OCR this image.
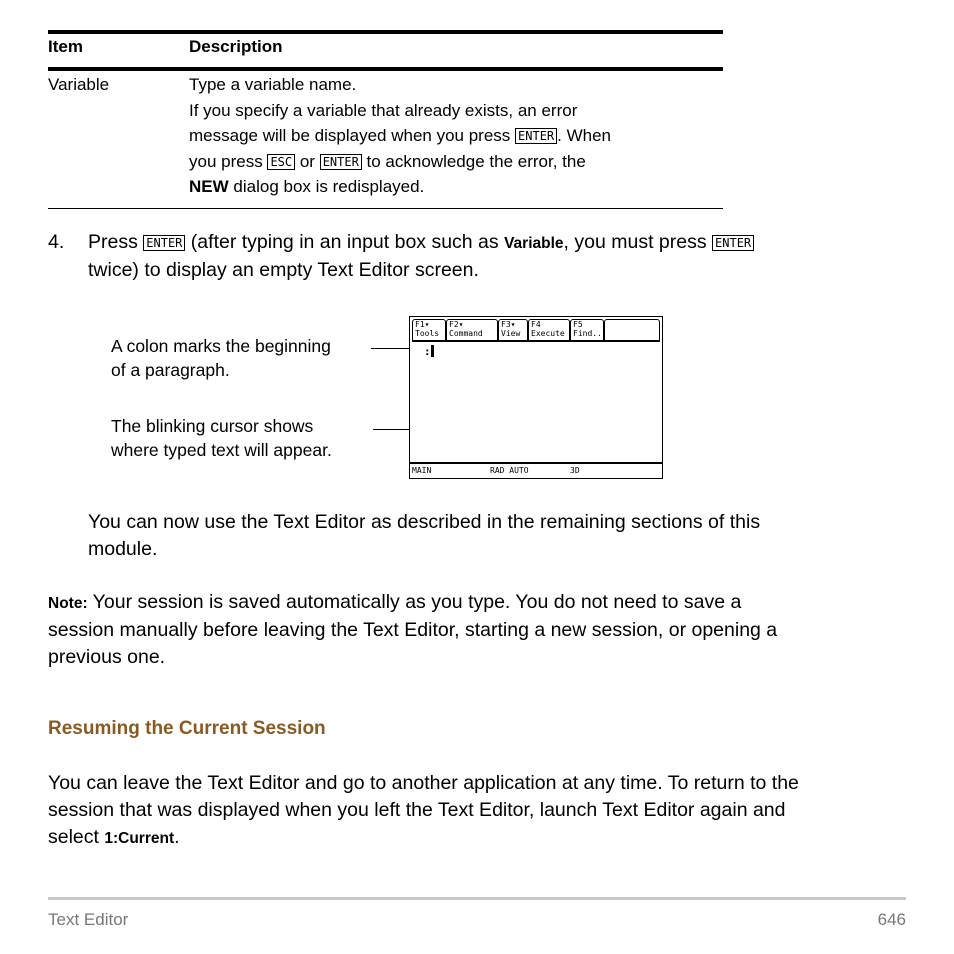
Item	Description
Variable	Type a variable name.
If you specify a variable that already exists, an error
message will be displayed when you press ENTER . When
you press ESC or ENTER to acknowledge the error, the
NEW dialog box is redisplayed.
4. Press ENTER (after typing in an input box such as Variable, you must press ENTER
twice) to display an empty Text Editor screen.
A colon marks the beginning
of a paragraph.
The blinking cursor shows
where typed text will appear.
F1▾
Tools
F2▾
Command
F3▾
View
F4
Execute
F5
Find...
:
MAIN	RAD AUTO	3D
You can now use the Text Editor as described in the remaining sections of this
module.
Note: Your session is saved automatically as you type. You do not need to save a
session manually before leaving the Text Editor, starting a new session, or opening a
previous one.
Resuming the Current Session
You can leave the Text Editor and go to another application at any time. To return to the
session that was displayed when you left the Text Editor, launch Text Editor again and
select 1:Current.
Text Editor	646
